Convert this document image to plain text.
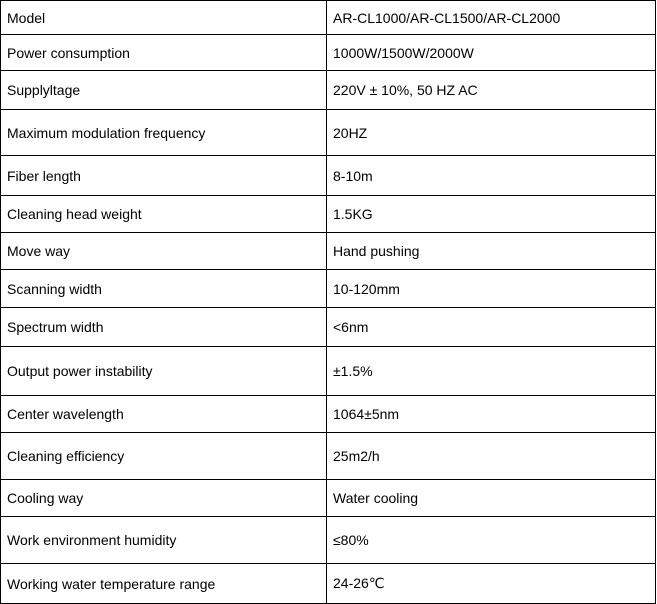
Model	AR-CL1000/AR-CL1500/AR-CL2000
Power consumption	1000W/1500W/2000W
Supplyltage	220V ± 10%, 50 HZ AC
Maximum modulation frequency	20HZ
Fiber length	8-10m
Cleaning head weight	1.5KG
Move way	Hand pushing
Scanning width	10-120mm
Spectrum width	<6nm
Output power instability	±1.5%
Center wavelength	1064±5nm
Cleaning efficiency	25m2/h
Cooling way	Water cooling
Work environment humidity	≤80%
Working water temperature range	24-26℃
